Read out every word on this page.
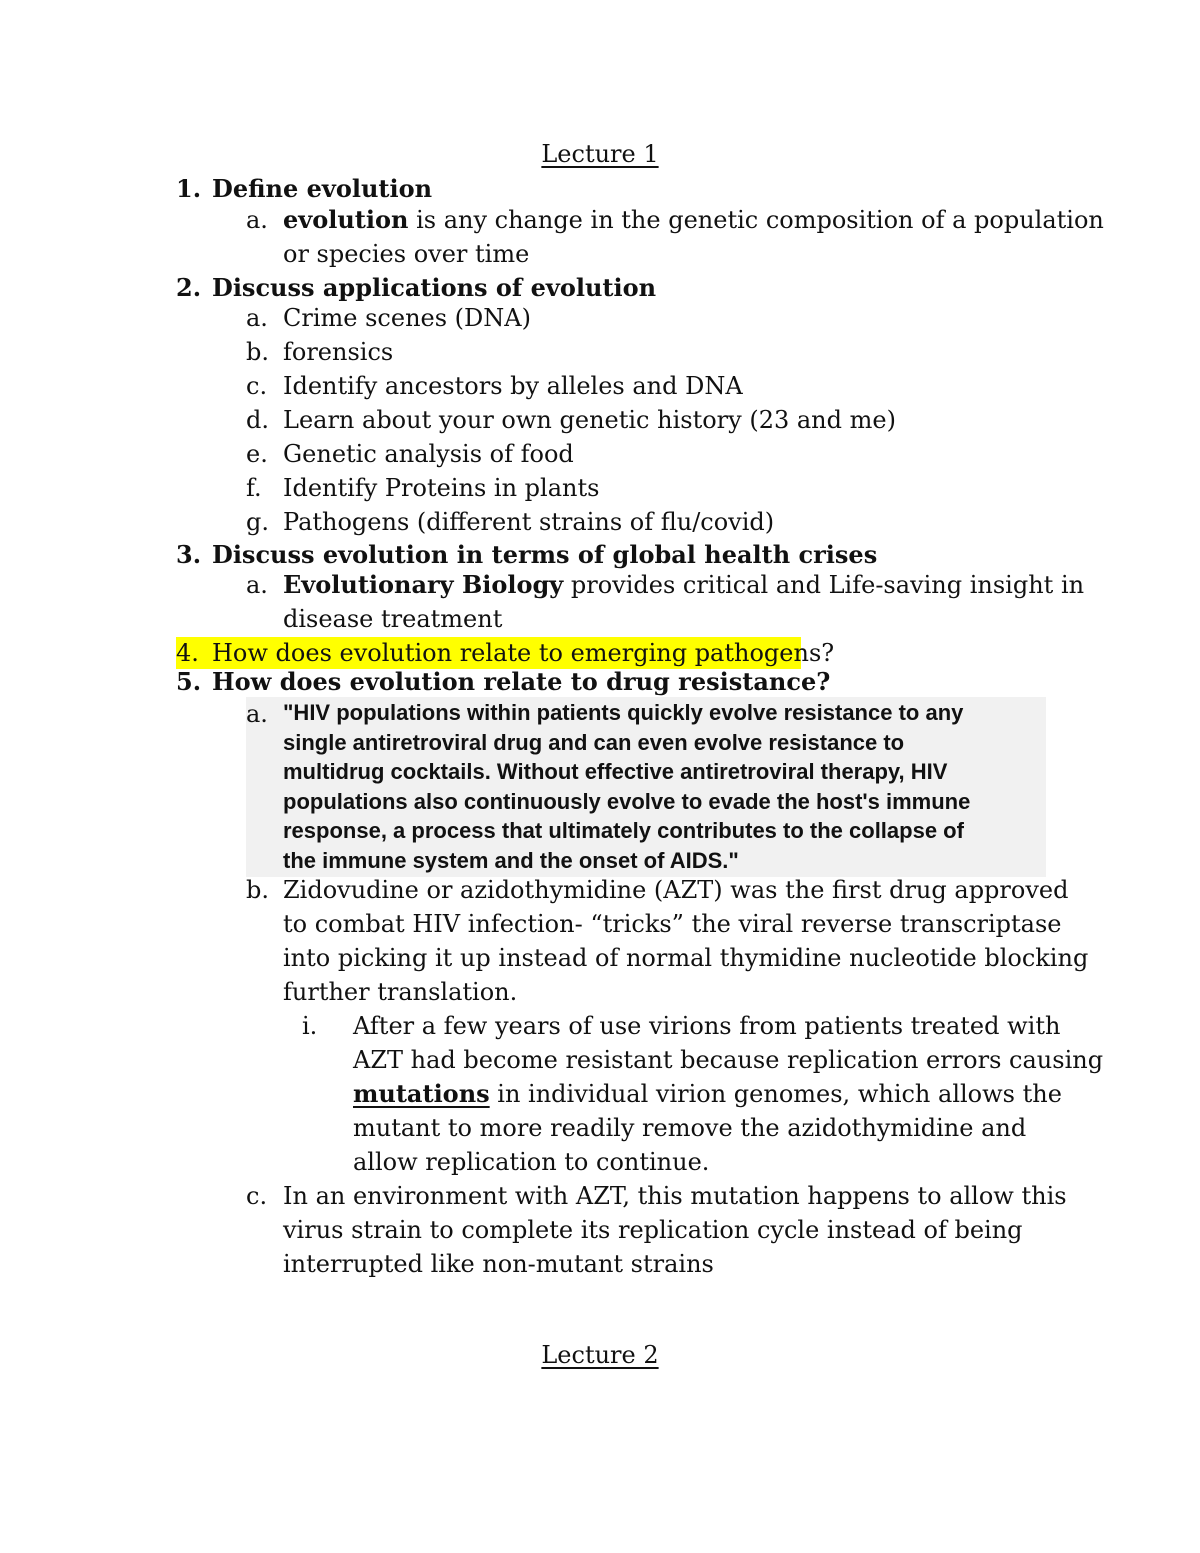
Lecture 1
1. Define evolution
a. evolution is any change in the genetic composition of a population
or species over time
2. Discuss applications of evolution
a. Crime scenes (DNA)
b. forensics
c. Identify ancestors by alleles and DNA
d. Learn about your own genetic history (23 and me)
e. Genetic analysis of food
f. Identify Proteins in plants
g. Pathogens (different strains of flu/covid)
3. Discuss evolution in terms of global health crises
a. Evolutionary Biology provides critical and Life-saving insight in
disease treatment
4. How does evolution relate to emerging pathogens?
5. How does evolution relate to drug resistance?
a. "HIV populations within patients quickly evolve resistance to any
single antiretroviral drug and can even evolve resistance to
multidrug cocktails. Without effective antiretroviral therapy, HIV
populations also continuously evolve to evade the host's immune
response, a process that ultimately contributes to the collapse of
the immune system and the onset of AIDS."
b. Zidovudine or azidothymidine (AZT) was the first drug approved
to combat HIV infection- “tricks” the viral reverse transcriptase
into picking it up instead of normal thymidine nucleotide blocking
further translation.
i. After a few years of use virions from patients treated with
AZT had become resistant because replication errors causing
mutations in individual virion genomes, which allows the
mutant to more readily remove the azidothymidine and
allow replication to continue.
c. In an environment with AZT, this mutation happens to allow this
virus strain to complete its replication cycle instead of being
interrupted like non-mutant strains
Lecture 2
